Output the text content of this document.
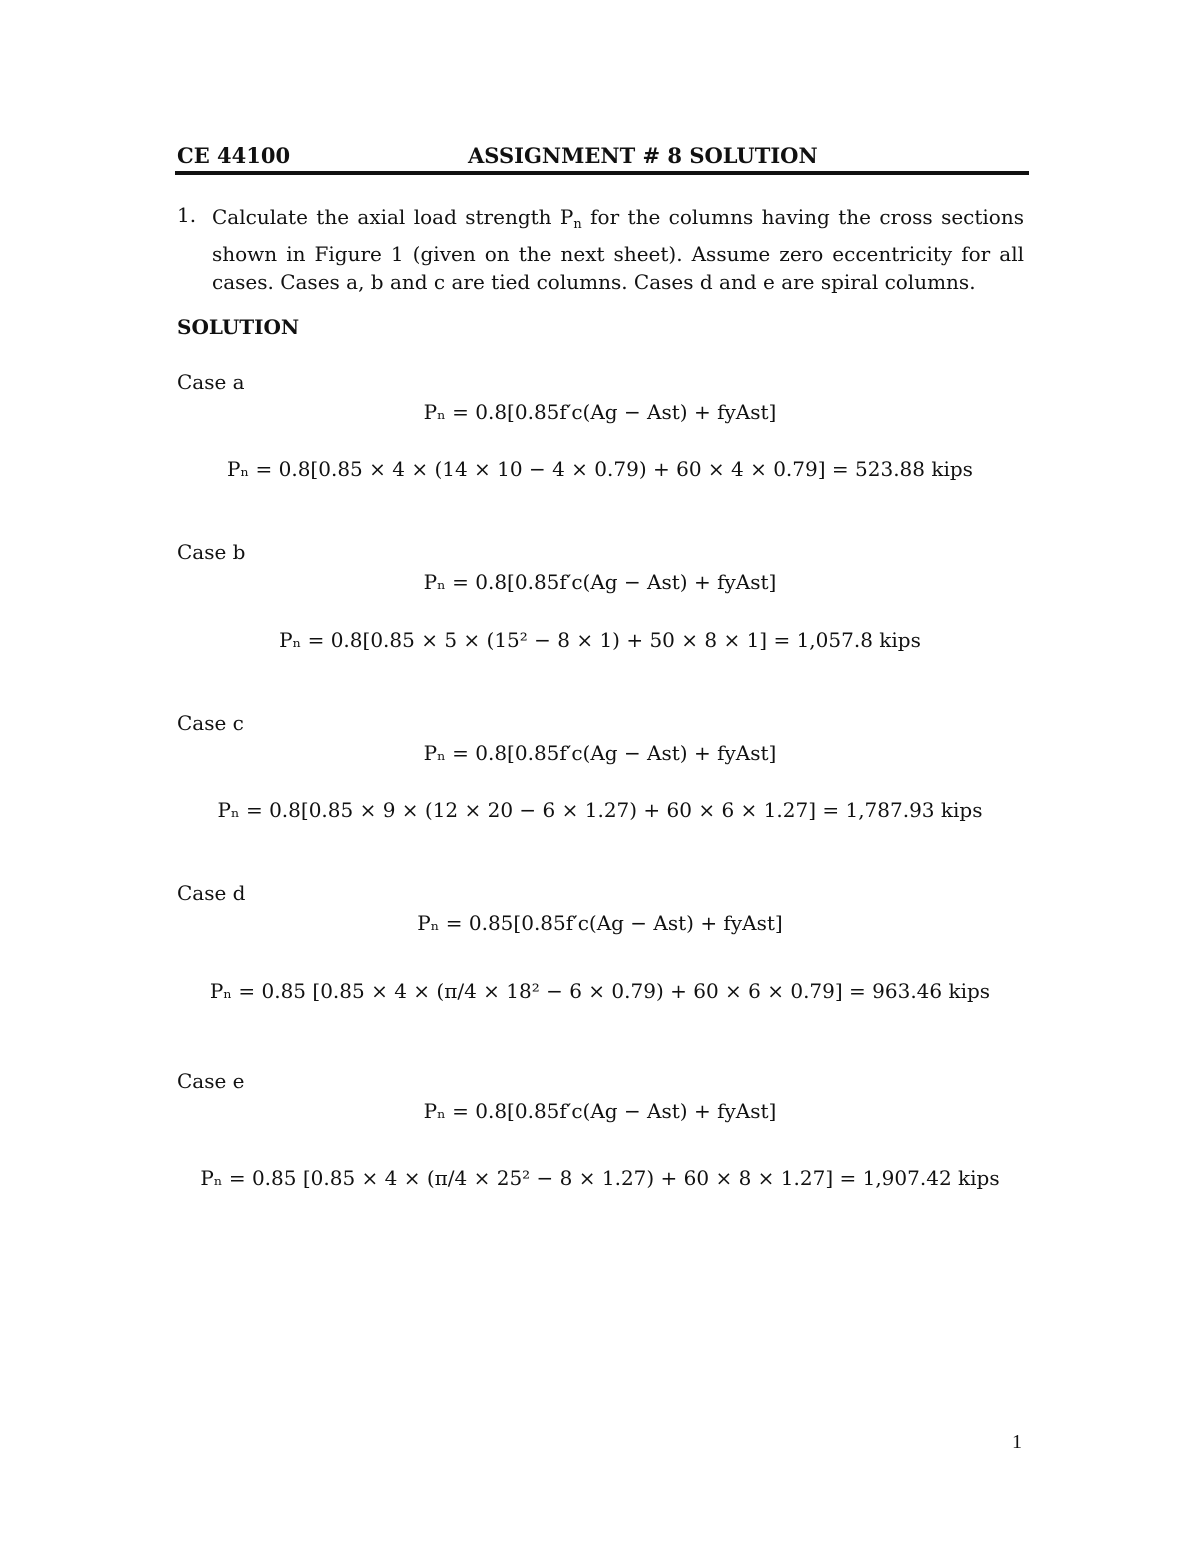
CE 44100	ASSIGNMENT # 8 SOLUTION
1. Calculate the axial load strength $P_n$ for the columns having the cross sections shown in Figure 1 (given on the next sheet). Assume zero eccentricity for all cases. Cases a, b and c are tied columns. Cases d and e are spiral columns.
SOLUTION
Case a
Pₙ = 0.8[0.85f′c(Ag − Ast) + fyAst]
Pₙ = 0.8[0.85 × 4 × (14 × 10 − 4 × 0.79) + 60 × 4 × 0.79] = 523.88 kips
Case b
Pₙ = 0.8[0.85f′c(Ag − Ast) + fyAst]
Pₙ = 0.8[0.85 × 5 × (15² − 8 × 1) + 50 × 8 × 1] = 1,057.8 kips
Case c
Pₙ = 0.8[0.85f′c(Ag − Ast) + fyAst]
Pₙ = 0.8[0.85 × 9 × (12 × 20 − 6 × 1.27) + 60 × 6 × 1.27] = 1,787.93 kips
Case d
Pₙ = 0.85[0.85f′c(Ag − Ast) + fyAst]
Pₙ = 0.85 [0.85 × 4 × (π/4 × 18² − 6 × 0.79) + 60 × 6 × 0.79] = 963.46 kips
Case e
Pₙ = 0.8[0.85f′c(Ag − Ast) + fyAst]
Pₙ = 0.85 [0.85 × 4 × (π/4 × 25² − 8 × 1.27) + 60 × 8 × 1.27] = 1,907.42 kips
1
